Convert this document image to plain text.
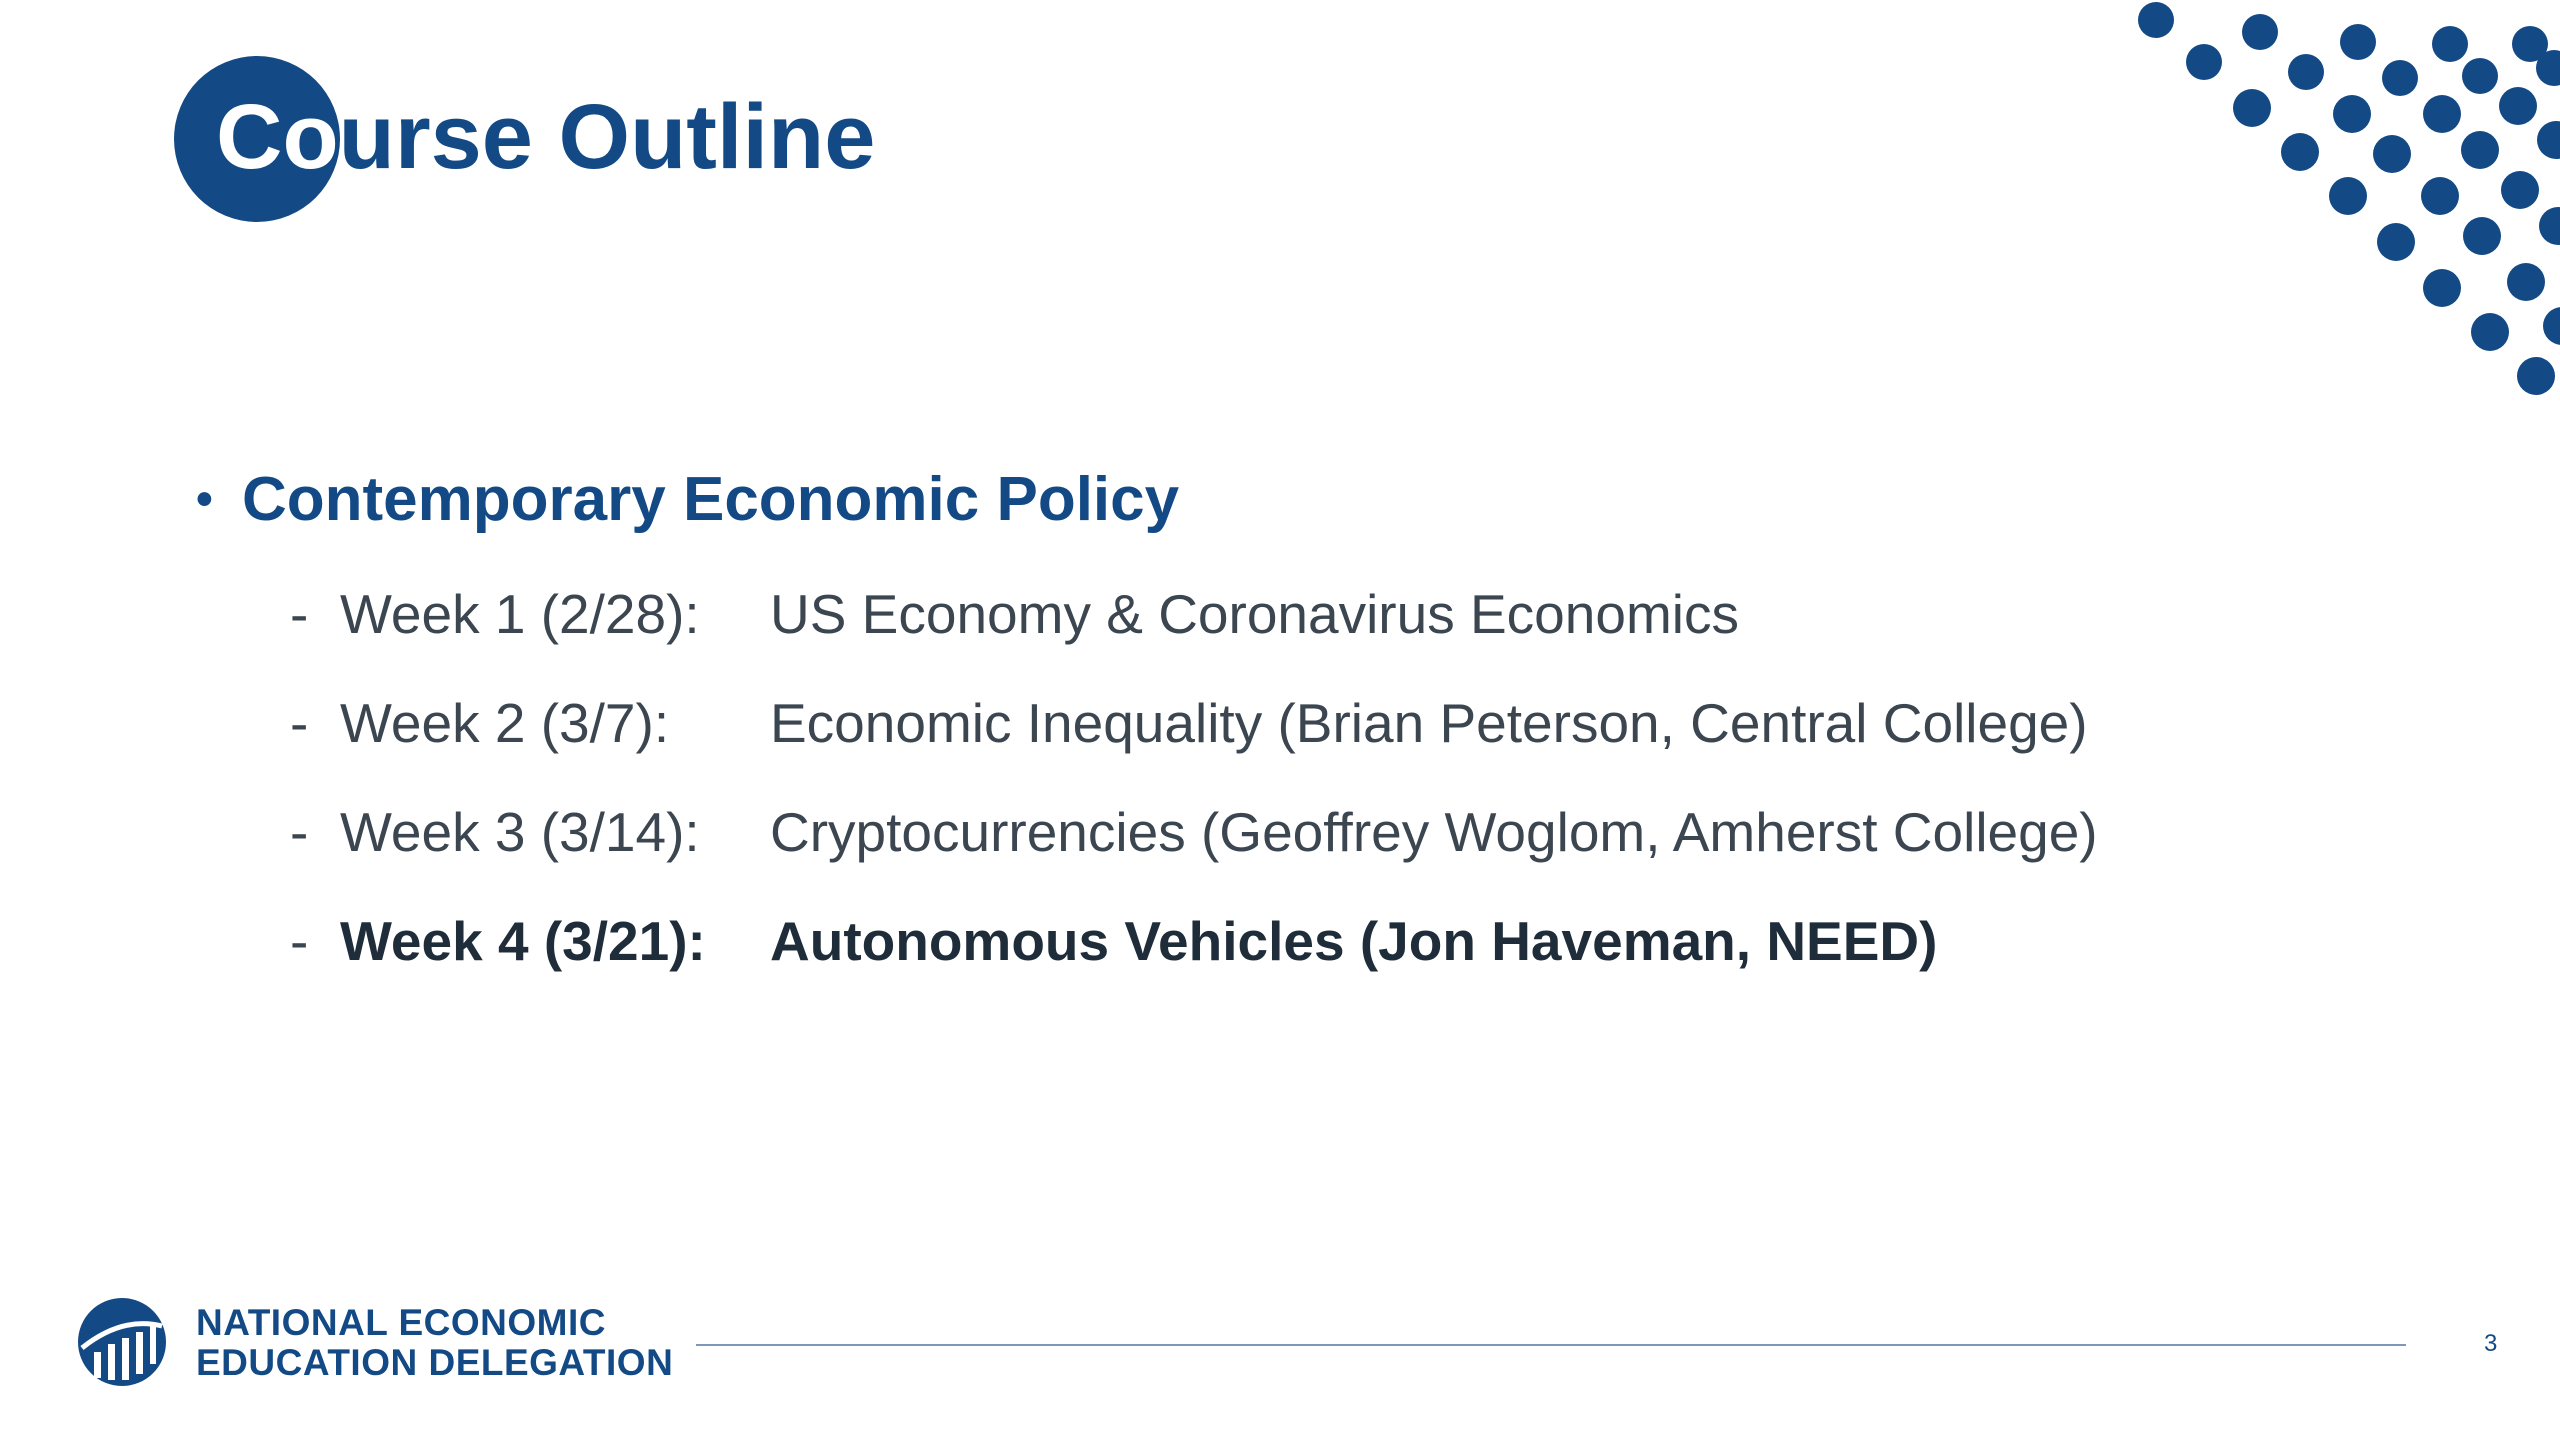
Course Outline
• Contemporary Economic Policy
- Week 1 (2/28): US Economy & Coronavirus Economics
- Week 2 (3/7): Economic Inequality (Brian Peterson, Central College)
- Week 3 (3/14): Cryptocurrencies (Geoffrey Woglom, Amherst College)
- Week 4 (3/21): Autonomous Vehicles (Jon Haveman, NEED)
NATIONAL ECONOMIC
EDUCATION DELEGATION	3
